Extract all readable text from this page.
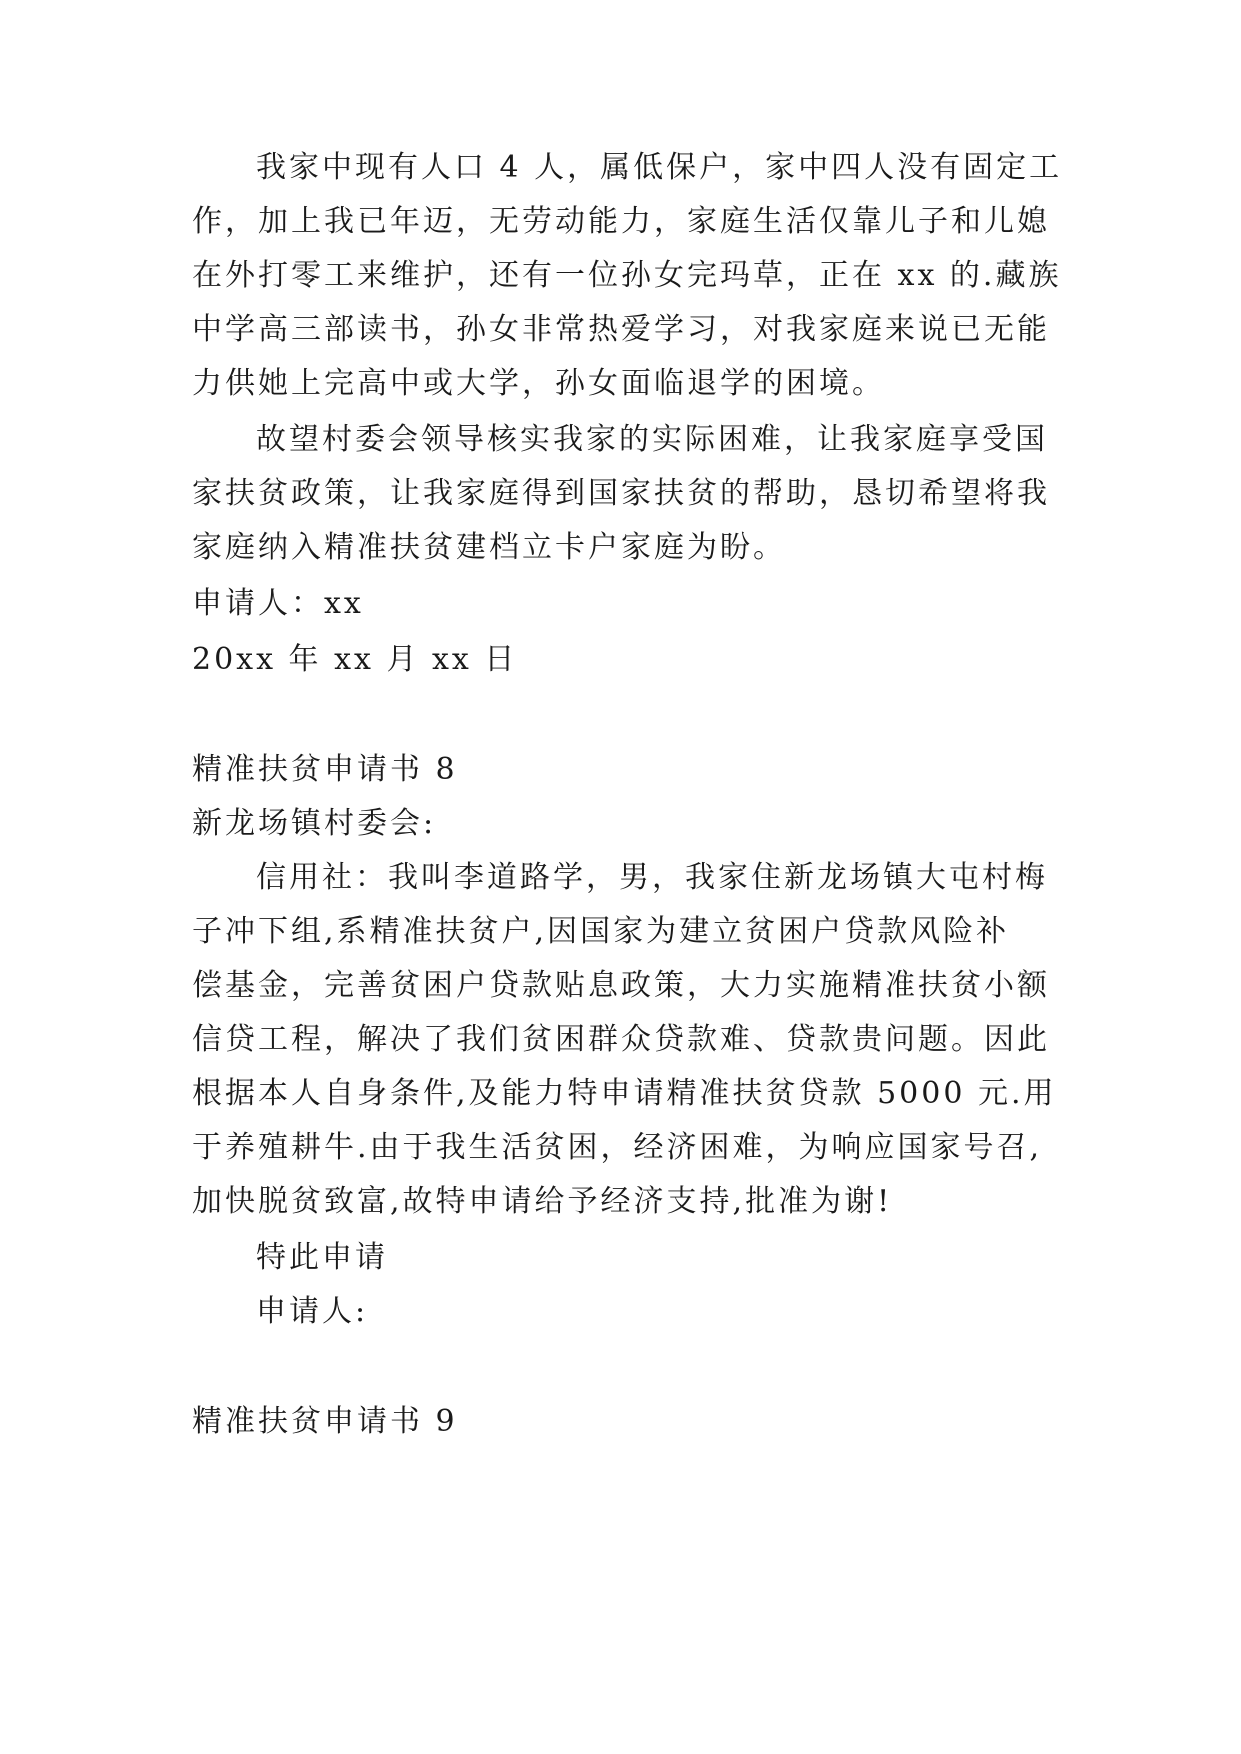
我家中现有人口 4 人，属低保户，家中四人没有固定工
作，加上我已年迈，无劳动能力，家庭生活仅靠儿子和儿媳
在外打零工来维护，还有一位孙女完玛草，正在 xx 的.藏族
中学高三部读书，孙女非常热爱学习，对我家庭来说已无能
力供她上完高中或大学，孙女面临退学的困境。
故望村委会领导核实我家的实际困难，让我家庭享受国
家扶贫政策，让我家庭得到国家扶贫的帮助，恳切希望将我
家庭纳入精准扶贫建档立卡户家庭为盼。
申请人：xx
20xx 年 xx 月 xx 日
精准扶贫申请书 8
新龙场镇村委会:
信用社：我叫李道路学，男，我家住新龙场镇大屯村梅
子冲下组,系精准扶贫户,因国家为建立贫困户贷款风险补
偿基金，完善贫困户贷款贴息政策，大力实施精准扶贫小额
信贷工程，解决了我们贫困群众贷款难、贷款贵问题。因此
根据本人自身条件,及能力特申请精准扶贫贷款 5000 元.用
于养殖耕牛.由于我生活贫困，经济困难，为响应国家号召,
加快脱贫致富,故特申请给予经济支持,批准为谢!
特此申请
申请人:
精准扶贫申请书 9
